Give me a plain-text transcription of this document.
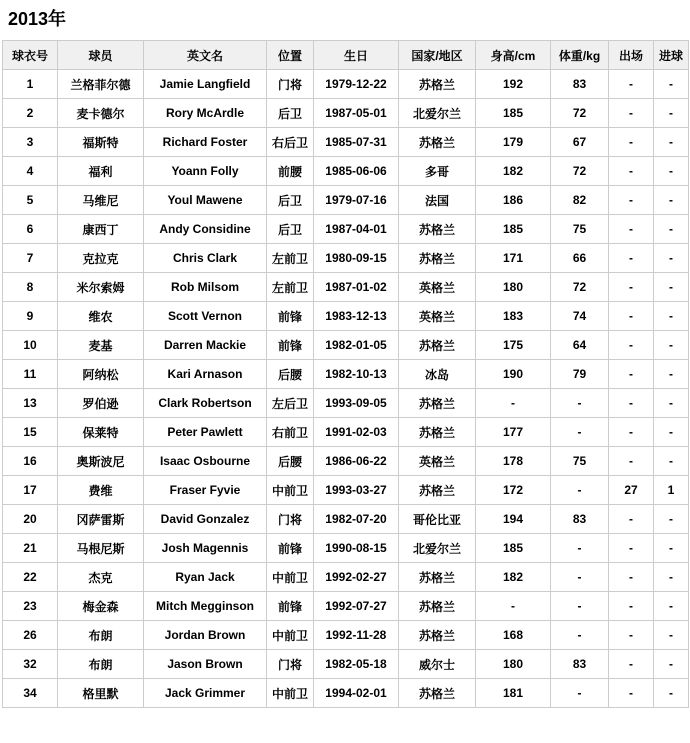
2013年
球衣号	球员	英文名	位置	生日	国家/地区	身高/cm	体重/kg	出场	进球
1	兰格菲尔德	Jamie Langfield	门将	1979-12-22	苏格兰	192	83	-	-
2	麦卡德尔	Rory McArdle	后卫	1987-05-01	北爱尔兰	185	72	-	-
3	福斯特	Richard Foster	右后卫	1985-07-31	苏格兰	179	67	-	-
4	福利	Yoann Folly	前腰	1985-06-06	多哥	182	72	-	-
5	马维尼	Youl Mawene	后卫	1979-07-16	法国	186	82	-	-
6	康西丁	Andy Considine	后卫	1987-04-01	苏格兰	185	75	-	-
7	克拉克	Chris Clark	左前卫	1980-09-15	苏格兰	171	66	-	-
8	米尔索姆	Rob Milsom	左前卫	1987-01-02	英格兰	180	72	-	-
9	维农	Scott Vernon	前锋	1983-12-13	英格兰	183	74	-	-
10	麦基	Darren Mackie	前锋	1982-01-05	苏格兰	175	64	-	-
11	阿纳松	Kari Arnason	后腰	1982-10-13	冰岛	190	79	-	-
13	罗伯逊	Clark Robertson	左后卫	1993-09-05	苏格兰	-	-	-	-
15	保莱特	Peter Pawlett	右前卫	1991-02-03	苏格兰	177	-	-	-
16	奥斯波尼	Isaac Osbourne	后腰	1986-06-22	英格兰	178	75	-	-
17	费维	Fraser Fyvie	中前卫	1993-03-27	苏格兰	172	-	27	1
20	冈萨雷斯	David Gonzalez	门将	1982-07-20	哥伦比亚	194	83	-	-
21	马根尼斯	Josh Magennis	前锋	1990-08-15	北爱尔兰	185	-	-	-
22	杰克	Ryan Jack	中前卫	1992-02-27	苏格兰	182	-	-	-
23	梅金森	Mitch Megginson	前锋	1992-07-27	苏格兰	-	-	-	-
26	布朗	Jordan Brown	中前卫	1992-11-28	苏格兰	168	-	-	-
32	布朗	Jason Brown	门将	1982-05-18	威尔士	180	83	-	-
34	格里默	Jack Grimmer	中前卫	1994-02-01	苏格兰	181	-	-	-
